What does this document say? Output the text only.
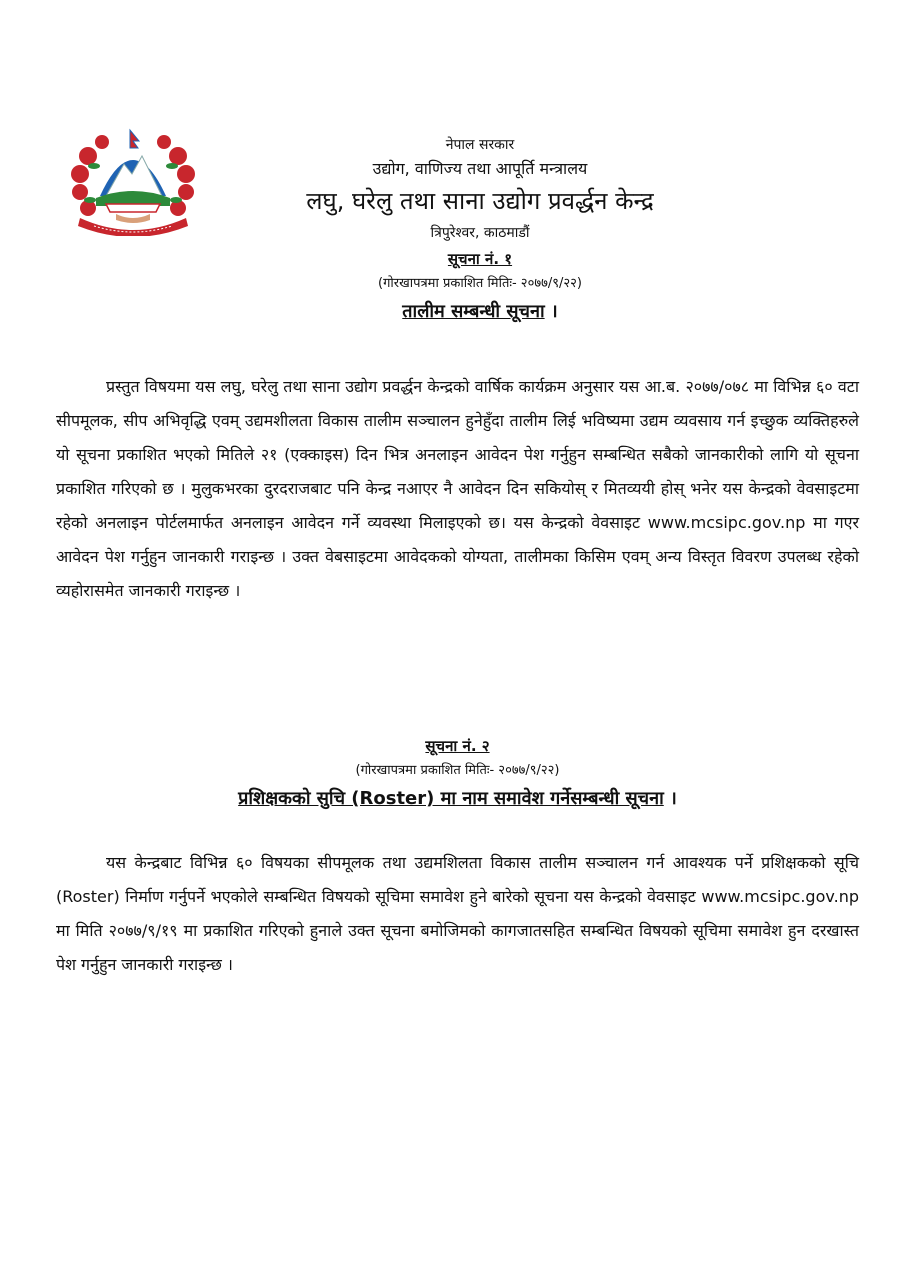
नेपाल सरकार
उद्योग, वाणिज्य तथा आपूर्ति मन्त्रालय
लघु, घरेलु तथा साना उद्योग प्रवर्द्धन केन्द्र
त्रिपुरेश्वर, काठमाडौं
सूचना नं. १
(गोरखापत्रमा प्रकाशित मितिः- २०७७/९/२२)
तालीम सम्बन्धी सूचना ।

प्रस्तुत विषयमा यस लघु, घरेलु तथा साना उद्योग प्रवर्द्धन केन्द्रको वार्षिक कार्यक्रम अनुसार यस आ.ब. २०७७/०७८ मा विभिन्न ६० वटा सीपमूलक, सीप अभिवृद्धि एवम् उद्यमशीलता विकास तालीम सञ्चालन हुनेहुँदा तालीम लिई भविष्यमा उद्यम व्यवसाय गर्न इच्छुक व्यक्तिहरुले यो सूचना प्रकाशित भएको मितिले २१ (एक्काइस) दिन भित्र अनलाइन आवेदन पेश गर्नुहुन सम्बन्धित सबैको जानकारीको लागि यो सूचना प्रकाशित गरिएको छ । मुलुकभरका दुरदराजबाट पनि केन्द्र नआएर नै आवेदन दिन सकियोस् र मितव्ययी होस् भनेर यस केन्द्रको वेवसाइटमा रहेको अनलाइन पोर्टलमार्फत अनलाइन आवेदन गर्ने व्यवस्था मिलाइएको छ। यस केन्द्रको वेवसाइट www.mcsipc.gov.np मा गएर आवेदन पेश गर्नुहुन जानकारी गराइन्छ । उक्त वेबसाइटमा आवेदकको योग्यता, तालीमका किसिम एवम् अन्य विस्तृत विवरण उपलब्ध रहेको व्यहोरासमेत जानकारी गराइन्छ ।

सूचना नं. २
(गोरखापत्रमा प्रकाशित मितिः- २०७७/९/२२)
प्रशिक्षकको सुचि (Roster) मा नाम समावेश गर्नेसम्बन्धी सूचना ।

यस केन्द्रबाट विभिन्न ६० विषयका सीपमूलक तथा उद्यमशिलता विकास तालीम सञ्चालन गर्न आवश्यक पर्ने प्रशिक्षकको सूचि (Roster) निर्माण गर्नुपर्ने भएकोले सम्बन्धित विषयको सूचिमा समावेश हुने बारेको सूचना यस केन्द्रको वेवसाइट www.mcsipc.gov.np मा मिति २०७७/९/१९ मा प्रकाशित गरिएको हुनाले उक्त सूचना बमोजिमको कागजातसहित सम्बन्धित विषयको सूचिमा समावेश हुन दरखास्त पेश गर्नुहुन जानकारी गराइन्छ ।
